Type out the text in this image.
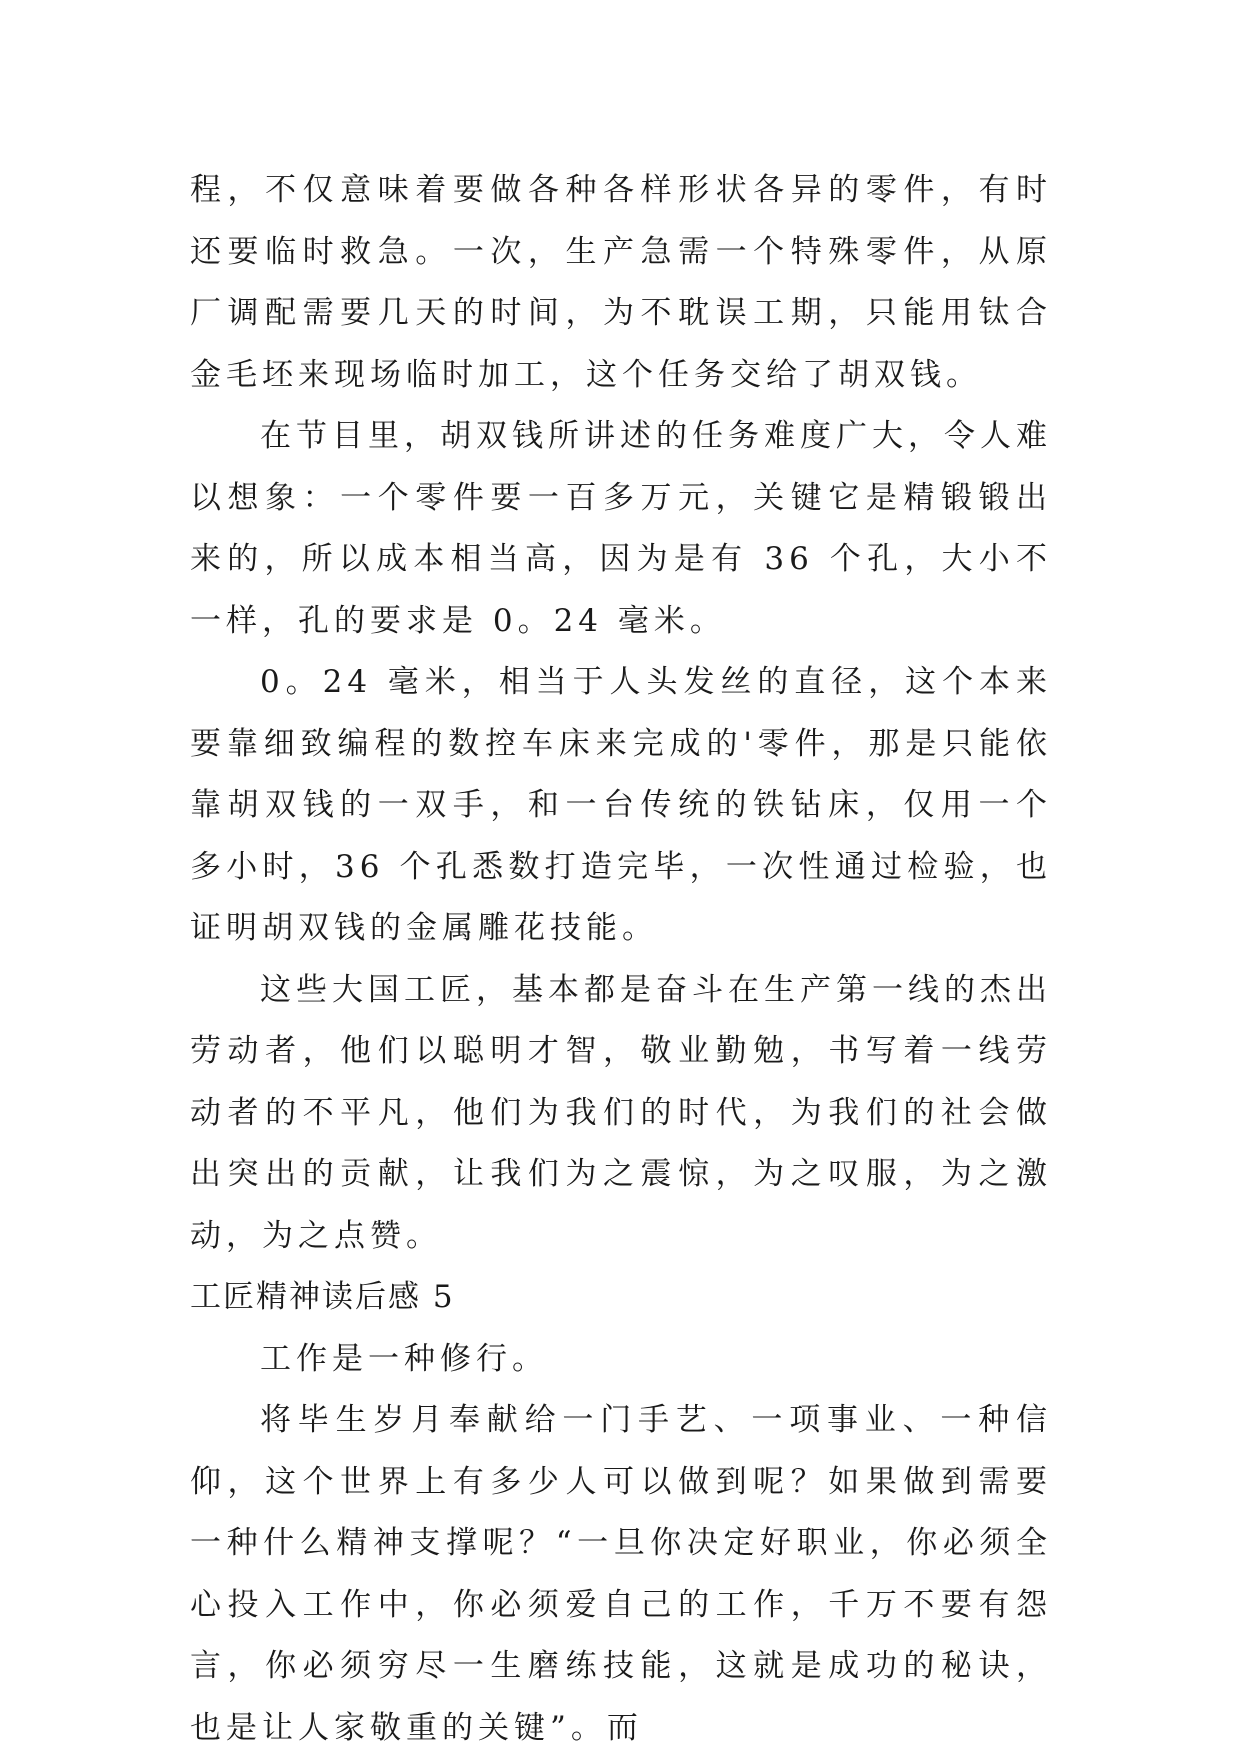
程，不仅意味着要做各种各样形状各异的零件，有时还要临时救急。一次，生产急需一个特殊零件，从原厂调配需要几天的时间，为不耽误工期，只能用钛合金毛坯来现场临时加工，这个任务交给了胡双钱。

在节目里，胡双钱所讲述的任务难度广大，令人难以想象：一个零件要一百多万元，关键它是精锻锻出来的，所以成本相当高，因为是有 36 个孔，大小不一样，孔的要求是 0。24 毫米。

0。24 毫米，相当于人头发丝的直径，这个本来要靠细致编程的数控车床来完成的'零件，那是只能依靠胡双钱的一双手，和一台传统的铁钻床，仅用一个多小时，36 个孔悉数打造完毕，一次性通过检验，也证明胡双钱的金属雕花技能。

这些大国工匠，基本都是奋斗在生产第一线的杰出劳动者，他们以聪明才智，敬业勤勉，书写着一线劳动者的不平凡，他们为我们的时代，为我们的社会做出突出的贡献，让我们为之震惊，为之叹服，为之激动，为之点赞。

工匠精神读后感 5

工作是一种修行。

将毕生岁月奉献给一门手艺、一项事业、一种信仰，这个世界上有多少人可以做到呢？如果做到需要一种什么精神支撑呢？“一旦你决定好职业，你必须全心投入工作中，你必须爱自己的工作，千万不要有怨言，你必须穷尽一生磨练技能，这就是成功的秘诀，也是让人家敬重的关键”。而
